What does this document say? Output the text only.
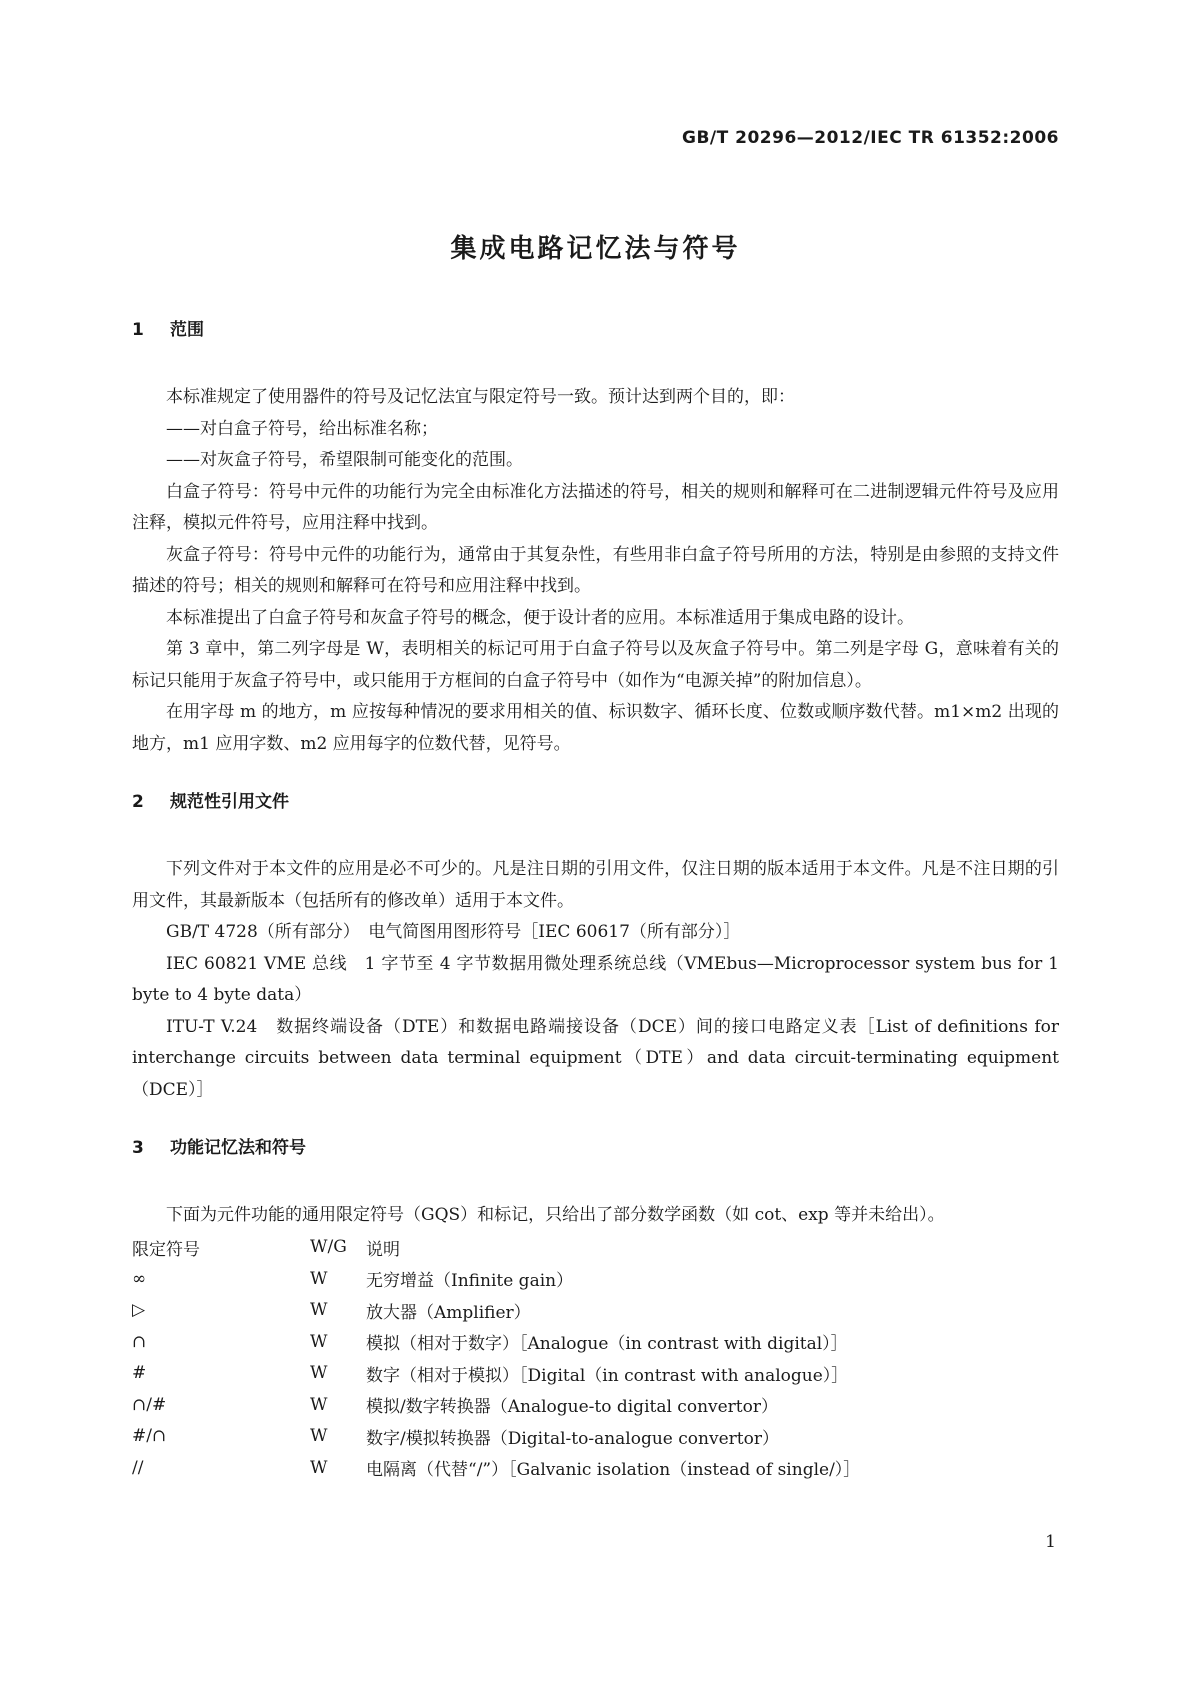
GB/T 20296—2012/IEC TR 61352:2006
集成电路记忆法与符号
1 范围

本标准规定了使用器件的符号及记忆法宜与限定符号一致。预计达到两个目的，即：

——对白盒子符号，给出标准名称；

——对灰盒子符号，希望限制可能变化的范围。

白盒子符号：符号中元件的功能行为完全由标准化方法描述的符号，相关的规则和解释可在二进制逻辑元件符号及应用注释，模拟元件符号，应用注释中找到。

灰盒子符号：符号中元件的功能行为，通常由于其复杂性，有些用非白盒子符号所用的方法，特别是由参照的支持文件描述的符号；相关的规则和解释可在符号和应用注释中找到。

本标准提出了白盒子符号和灰盒子符号的概念，便于设计者的应用。本标准适用于集成电路的设计。

第 3 章中，第二列字母是 W，表明相关的标记可用于白盒子符号以及灰盒子符号中。第二列是字母 G，意味着有关的标记只能用于灰盒子符号中，或只能用于方框间的白盒子符号中（如作为“电源关掉”的附加信息）。

在用字母 m 的地方，m 应按每种情况的要求用相关的值、标识数字、循环长度、位数或顺序数代替。m1×m2 出现的地方，m1 应用字数、m2 应用每字的位数代替，见符号。

2 规范性引用文件

下列文件对于本文件的应用是必不可少的。凡是注日期的引用文件，仅注日期的版本适用于本文件。凡是不注日期的引用文件，其最新版本（包括所有的修改单）适用于本文件。

GB/T 4728（所有部分）　电气简图用图形符号［IEC 60617（所有部分）］

IEC 60821 VME 总线　1 字节至 4 字节数据用微处理系统总线（VMEbus—Microprocessor system bus for 1 byte to 4 byte data）

ITU-T V.24　数据终端设备（DTE）和数据电路端接设备（DCE）间的接口电路定义表［List of definitions for interchange circuits between data terminal equipment（DTE）and data circuit-terminating equipment（DCE）］

3 功能记忆法和符号

下面为元件功能的通用限定符号（GQS）和标记，只给出了部分数学函数（如 cot、exp 等并未给出）。

限定符号	W/G	说明
∞	W	无穷增益（Infinite gain）
▷	W	放大器（Amplifier）
∩	W	模拟（相对于数字）［Analogue（in contrast with digital）］
#	W	数字（相对于模拟）［Digital（in contrast with analogue）］
∩/#	W	模拟/数字转换器（Analogue-to digital convertor）
#/∩	W	数字/模拟转换器（Digital-to-analogue convertor）
//	W	电隔离（代替“/”）［Galvanic isolation（instead of single/）］
1
